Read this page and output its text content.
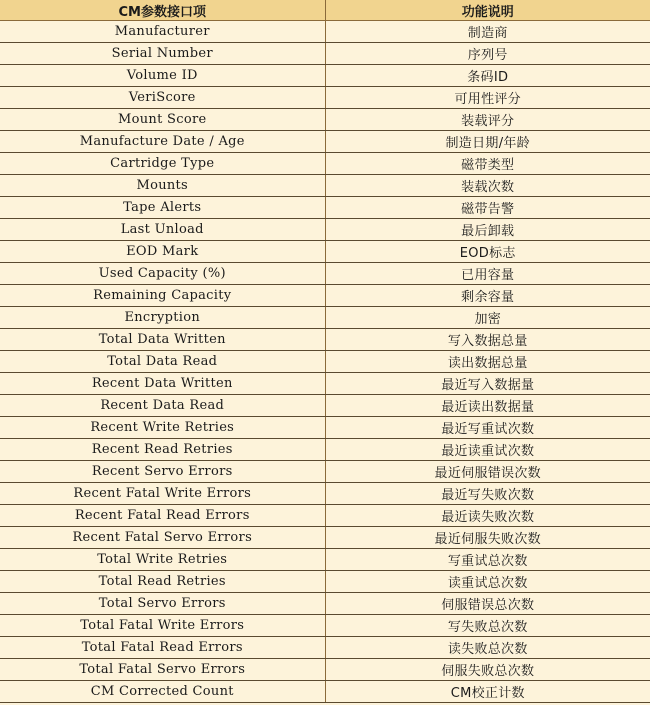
CM参数接口项	功能说明
Manufacturer	制造商
Serial Number	序列号
Volume ID	条码ID
VeriScore	可用性评分
Mount Score	装载评分
Manufacture Date / Age	制造日期/年龄
Cartridge Type	磁带类型
Mounts	装载次数
Tape Alerts	磁带告警
Last Unload	最后卸载
EOD Mark	EOD标志
Used Capacity (%)	已用容量
Remaining Capacity	剩余容量
Encryption	加密
Total Data Written	写入数据总量
Total Data Read	读出数据总量
Recent Data Written	最近写入数据量
Recent Data Read	最近读出数据量
Recent Write Retries	最近写重试次数
Recent Read Retries	最近读重试次数
Recent Servo Errors	最近伺服错误次数
Recent Fatal Write Errors	最近写失败次数
Recent Fatal Read Errors	最近读失败次数
Recent Fatal Servo Errors	最近伺服失败次数
Total Write Retries	写重试总次数
Total Read Retries	读重试总次数
Total Servo Errors	伺服错误总次数
Total Fatal Write Errors	写失败总次数
Total Fatal Read Errors	读失败总次数
Total Fatal Servo Errors	伺服失败总次数
CM Corrected Count	CM校正计数
